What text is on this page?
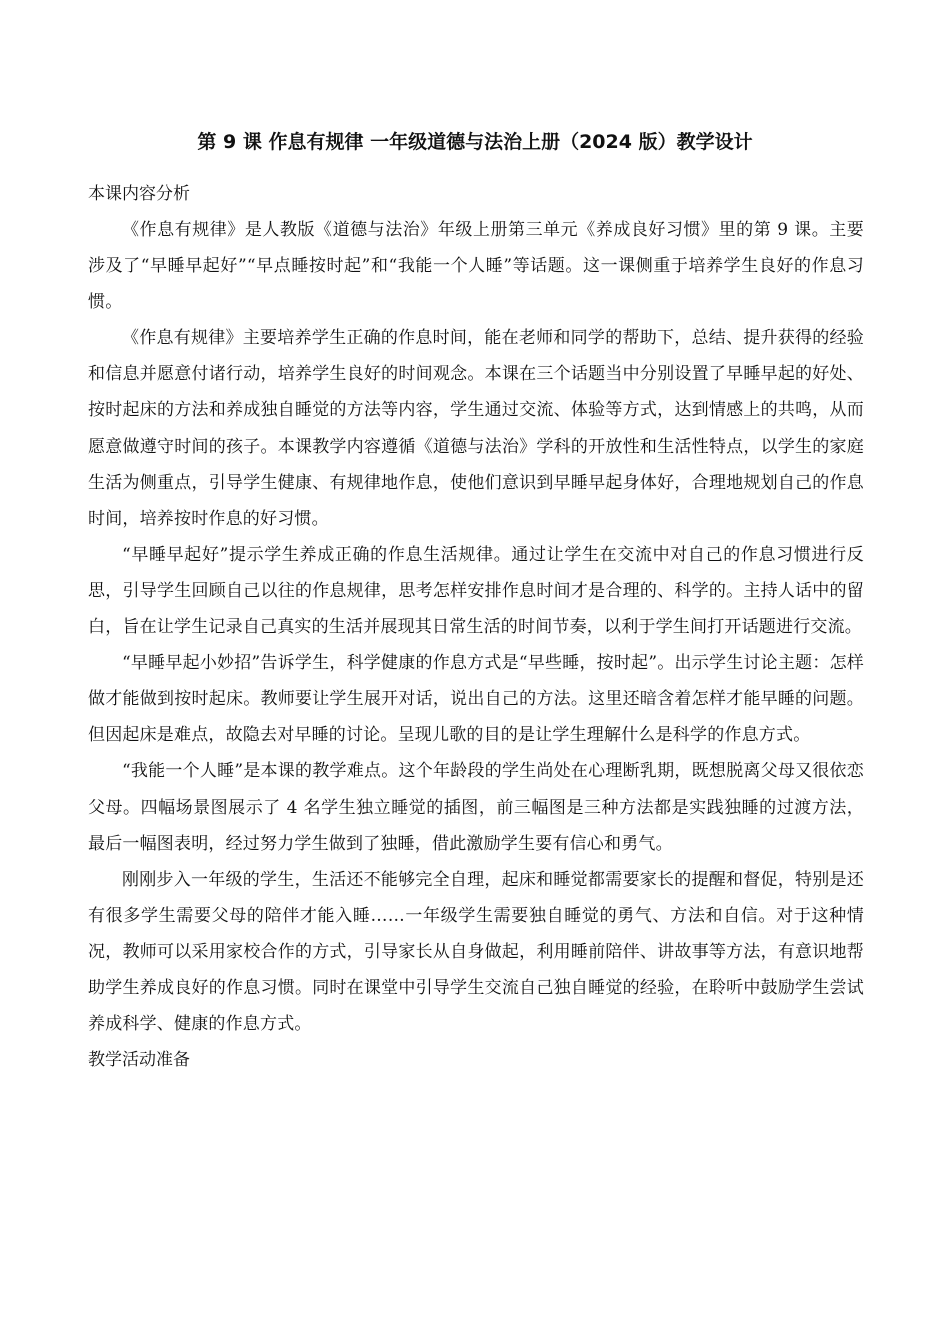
第 9 课 作息有规律 一年级道德与法治上册（2024 版）教学设计

本课内容分析

《作息有规律》是人教版《道德与法治》年级上册第三单元《养成良好习惯》里的第 9 课。主要涉及了“早睡早起好”“早点睡按时起”和“我能一个人睡”等话题。这一课侧重于培养学生良好的作息习惯。

《作息有规律》主要培养学生正确的作息时间，能在老师和同学的帮助下，总结、提升获得的经验和信息并愿意付诸行动，培养学生良好的时间观念。本课在三个话题当中分别设置了早睡早起的好处、按时起床的方法和养成独自睡觉的方法等内容，学生通过交流、体验等方式，达到情感上的共鸣，从而愿意做遵守时间的孩子。本课教学内容遵循《道德与法治》学科的开放性和生活性特点，以学生的家庭生活为侧重点，引导学生健康、有规律地作息，使他们意识到早睡早起身体好，合理地规划自己的作息时间，培养按时作息的好习惯。

“早睡早起好”提示学生养成正确的作息生活规律。通过让学生在交流中对自己的作息习惯进行反思，引导学生回顾自己以往的作息规律，思考怎样安排作息时间才是合理的、科学的。主持人话中的留白，旨在让学生记录自己真实的生活并展现其日常生活的时间节奏，以利于学生间打开话题进行交流。

“早睡早起小妙招”告诉学生，科学健康的作息方式是“早些睡，按时起”。出示学生讨论主题：怎样做才能做到按时起床。教师要让学生展开对话，说出自己的方法。这里还暗含着怎样才能早睡的问题。但因起床是难点，故隐去对早睡的讨论。呈现儿歌的目的是让学生理解什么是科学的作息方式。

“我能一个人睡”是本课的教学难点。这个年龄段的学生尚处在心理断乳期，既想脱离父母又很依恋父母。四幅场景图展示了 4 名学生独立睡觉的插图，前三幅图是三种方法都是实践独睡的过渡方法，最后一幅图表明，经过努力学生做到了独睡，借此激励学生要有信心和勇气。

刚刚步入一年级的学生，生活还不能够完全自理，起床和睡觉都需要家长的提醒和督促，特别是还有很多学生需要父母的陪伴才能入睡……一年级学生需要独自睡觉的勇气、方法和自信。对于这种情况，教师可以采用家校合作的方式，引导家长从自身做起，利用睡前陪伴、讲故事等方法，有意识地帮助学生养成良好的作息习惯。同时在课堂中引导学生交流自己独自睡觉的经验，在聆听中鼓励学生尝试养成科学、健康的作息方式。

教学活动准备
